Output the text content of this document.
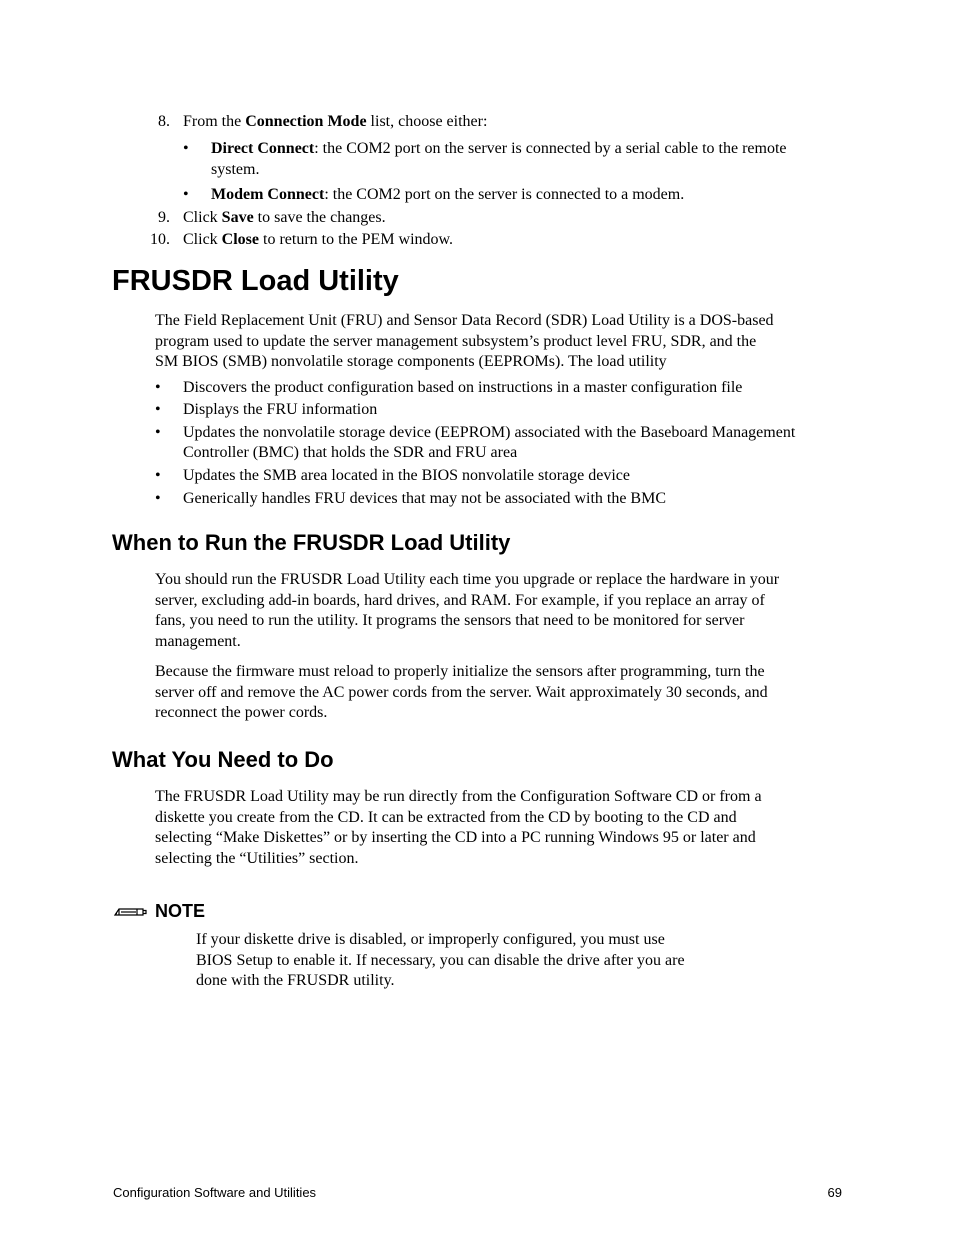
8. From the Connection Mode list, choose either:
•	Direct Connect: the COM2 port on the server is connected by a serial cable to the remote
system.
•	Modem Connect: the COM2 port on the server is connected to a modem.
9. Click Save to save the changes.
10. Click Close to return to the PEM window.
FRUSDR Load Utility

The Field Replacement Unit (FRU) and Sensor Data Record (SDR) Load Utility is a DOS-based

program used to update the server management subsystem’s product level FRU, SDR, and the

SM BIOS (SMB) nonvolatile storage components (EEPROMs). The load utility

•	Discovers the product configuration based on instructions in a master configuration file
•	Displays the FRU information
•	Updates the nonvolatile storage device (EEPROM) associated with the Baseboard Management
Controller (BMC) that holds the SDR and FRU area
•	Updates the SMB area located in the BIOS nonvolatile storage device
•	Generically handles FRU devices that may not be associated with the BMC
When to Run the FRUSDR Load Utility

You should run the FRUSDR Load Utility each time you upgrade or replace the hardware in your

server, excluding add-in boards, hard drives, and RAM. For example, if you replace an array of

fans, you need to run the utility. It programs the sensors that need to be monitored for server

management.

Because the firmware must reload to properly initialize the sensors after programming, turn the

server off and remove the AC power cords from the server. Wait approximately 30 seconds, and

reconnect the power cords.

What You Need to Do

The FRUSDR Load Utility may be run directly from the Configuration Software CD or from a

diskette you create from the CD. It can be extracted from the CD by booting to the CD and

selecting “Make Diskettes” or by inserting the CD into a PC running Windows 95 or later and

selecting the “Utilities” section.

NOTE

If your diskette drive is disabled, or improperly configured, you must use

BIOS Setup to enable it. If necessary, you can disable the drive after you are

done with the FRUSDR utility.

Configuration Software and Utilities	69
